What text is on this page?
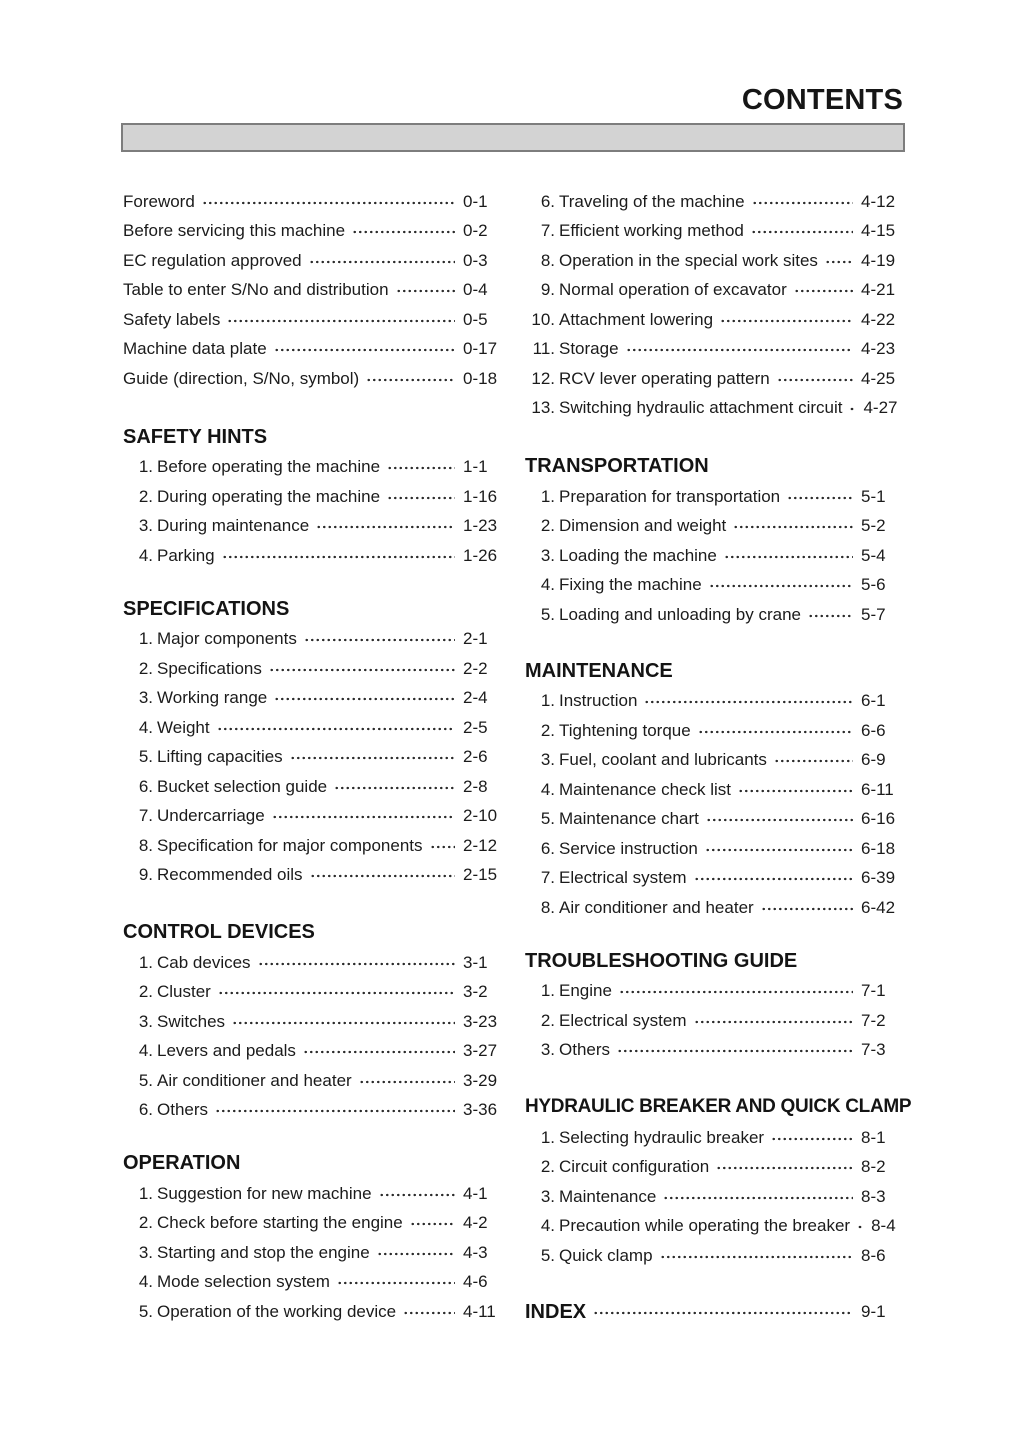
CONTENTS
Foreword	0-1
Before servicing this machine	0-2
EC regulation approved	0-3
Table to enter S/No and distribution	0-4
Safety labels	0-5
Machine data plate	0-17
Guide (direction, S/No, symbol)	0-18
SAFETY HINTS
1. Before operating the machine	1-1
2. During operating the machine	1-16
3. During maintenance	1-23
4. Parking	1-26
SPECIFICATIONS
1. Major components	2-1
2. Specifications	2-2
3. Working range	2-4
4. Weight	2-5
5. Lifting capacities	2-6
6. Bucket selection guide	2-8
7. Undercarriage	2-10
8. Specification for major components 2-12
9. Recommended oils	2-15
CONTROL DEVICES
1. Cab devices	3-1
2. Cluster	3-2
3. Switches	3-23
4. Levers and pedals	3-27
5. Air conditioner and heater	3-29
6. Others	3-36
OPERATION
1. Suggestion for new machine	4-1
2. Check before starting the engine	4-2
3. Starting and stop the engine	4-3
4. Mode selection system	4-6
5. Operation of the working device	4-11
6. Traveling of the machine	4-12
7. Efficient working method	4-15
8. Operation in the special work sites	4-19
9. Normal operation of excavator	4-21
10. Attachment lowering	4-22
11. Storage	4-23
12. RCV lever operating pattern	4-25
13. Switching hydraulic attachment circuit 4-27
TRANSPORTATION
1. Preparation for transportation	5-1
2. Dimension and weight	5-2
3. Loading the machine	5-4
4. Fixing the machine	5-6
5. Loading and unloading by crane	5-7
MAINTENANCE
1. Instruction	6-1
2. Tightening torque	6-6
3. Fuel, coolant and lubricants	6-9
4. Maintenance check list	6-11
5. Maintenance chart	6-16
6. Service instruction	6-18
7. Electrical system	6-39
8. Air conditioner and heater	6-42
TROUBLESHOOTING GUIDE
1. Engine	7-1
2. Electrical system	7-2
3. Others	7-3
HYDRAULIC BREAKER AND QUICK CLAMP
1. Selecting hydraulic breaker	8-1
2. Circuit configuration	8-2
3. Maintenance	8-3
4. Precaution while operating the breaker 8-4
5. Quick clamp	8-6
INDEX	9-1
